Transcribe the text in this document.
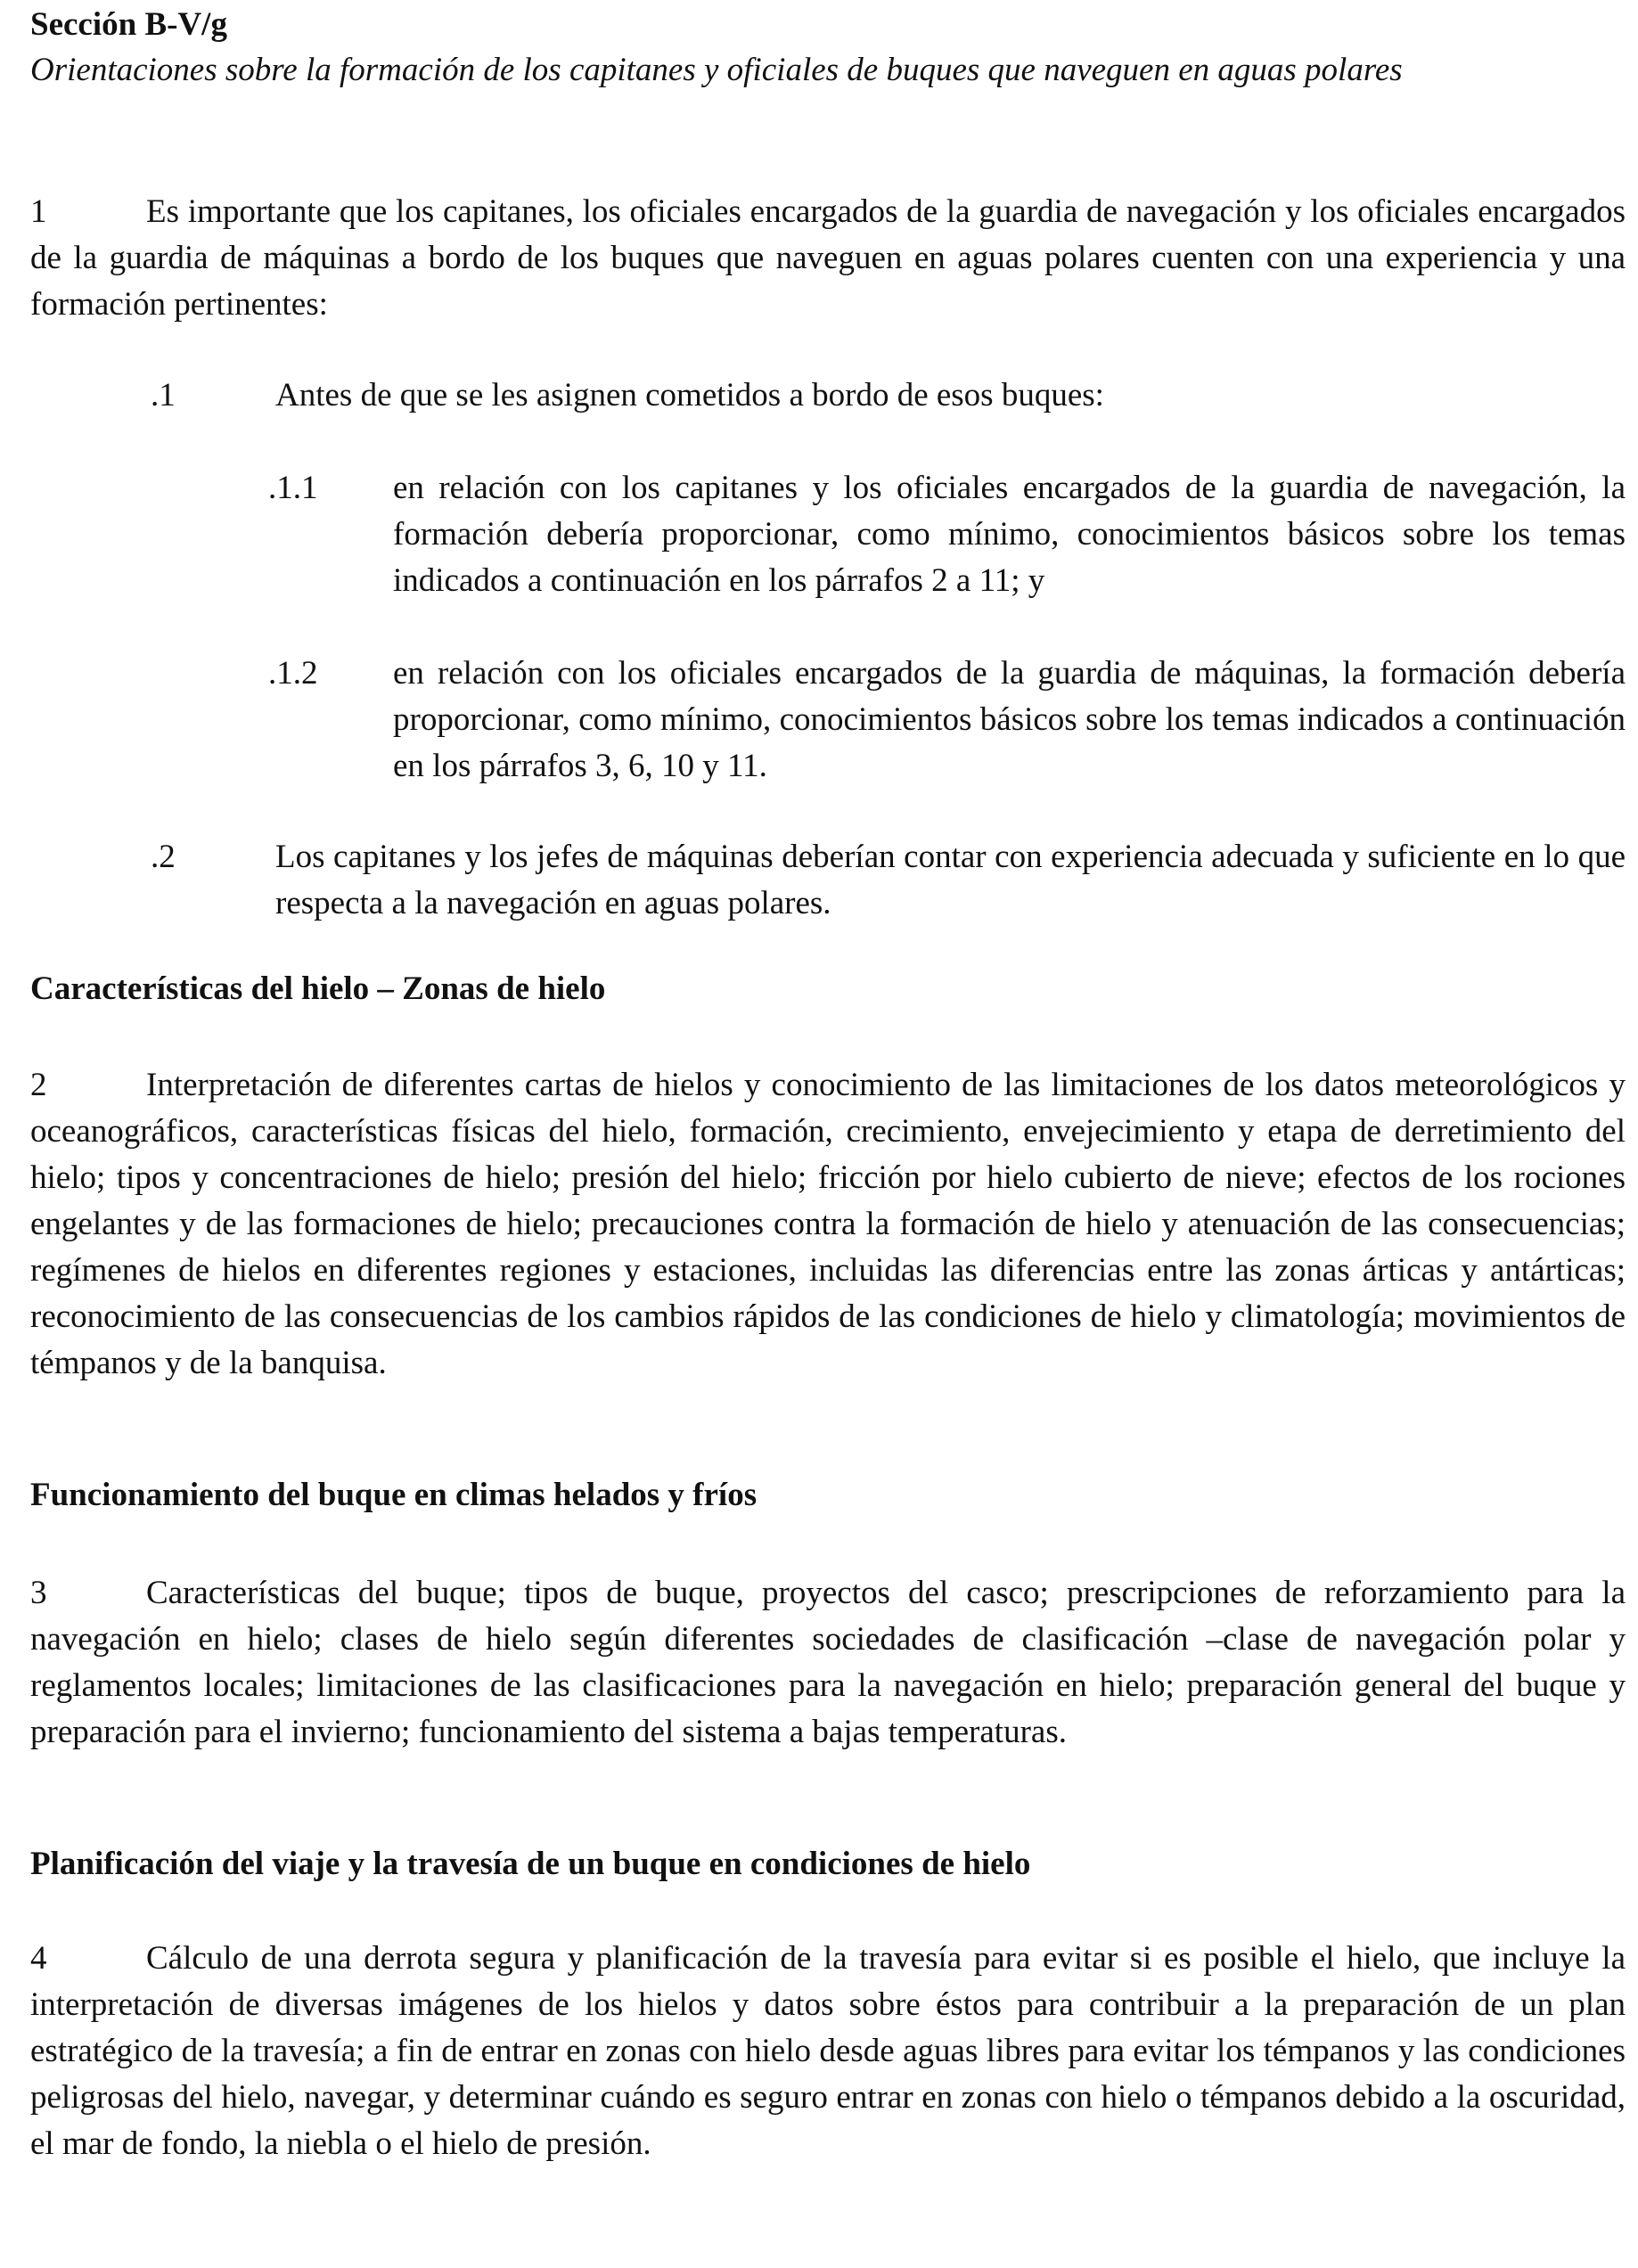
Sección B-V/g
Orientaciones sobre la formación de los capitanes y oficiales de buques que naveguen en aguas polares
1	Es importante que los capitanes, los oficiales encargados de la guardia de navegación y los oficiales encargados de la guardia de máquinas a bordo de los buques que naveguen en aguas polares cuenten con una experiencia y una formación pertinentes:
.1	Antes de que se les asignen cometidos a bordo de esos buques:
.1.1 en relación con los capitanes y los oficiales encargados de la guardia de navegación, la formación debería proporcionar, como mínimo, conocimientos básicos sobre los temas indicados a continuación en los párrafos 2 a 11; y
.1.2 en relación con los oficiales encargados de la guardia de máquinas, la formación debería proporcionar, como mínimo, conocimientos básicos sobre los temas indicados a continuación en los párrafos 3, 6, 10 y 11.
.2	Los capitanes y los jefes de máquinas deberían contar con experiencia adecuada y suficiente en lo que respecta a la navegación en aguas polares.
Características del hielo – Zonas de hielo
2	Interpretación de diferentes cartas de hielos y conocimiento de las limitaciones de los datos meteorológicos y oceanográficos, características físicas del hielo, formación, crecimiento, envejecimiento y etapa de derretimiento del hielo; tipos y concentraciones de hielo; presión del hielo; fricción por hielo cubierto de nieve; efectos de los rociones engelantes y de las formaciones de hielo; precauciones contra la formación de hielo y atenuación de las consecuencias; regímenes de hielos en diferentes regiones y estaciones, incluidas las diferencias entre las zonas árticas y antárticas; reconocimiento de las consecuencias de los cambios rápidos de las condiciones de hielo y climatología; movimientos de témpanos y de la banquisa.
Funcionamiento del buque en climas helados y fríos
3	Características del buque; tipos de buque, proyectos del casco; prescripciones de reforzamiento para la navegación en hielo; clases de hielo según diferentes sociedades de clasificación –clase de navegación polar y reglamentos locales; limitaciones de las clasificaciones para la navegación en hielo; preparación general del buque y preparación para el invierno; funcionamiento del sistema a bajas temperaturas.
Planificación del viaje y la travesía de un buque en condiciones de hielo
4	Cálculo de una derrota segura y planificación de la travesía para evitar si es posible el hielo, que incluye la interpretación de diversas imágenes de los hielos y datos sobre éstos para contribuir a la preparación de un plan estratégico de la travesía; a fin de entrar en zonas con hielo desde aguas libres para evitar los témpanos y las condiciones peligrosas del hielo, navegar, y determinar cuándo es seguro entrar en zonas con hielo o témpanos debido a la oscuridad, el mar de fondo, la niebla o el hielo de presión.
